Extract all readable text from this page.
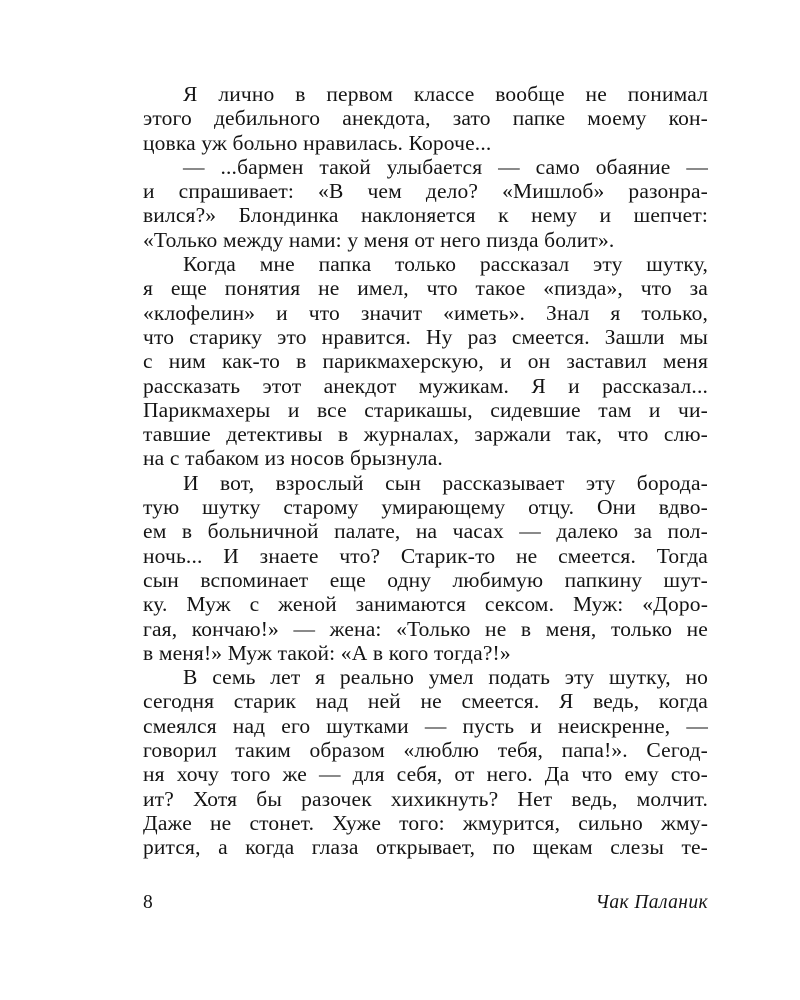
Я лично в первом классе вообще не понимал
этого дебильного анекдота, зато папке моему кон-
цовка уж больно нравилась. Короче...
— ...бармен такой улыбается — само обаяние —
и спрашивает: «В чем дело? «Мишлоб» разонра-
вился?» Блондинка наклоняется к нему и шепчет:
«Только между нами: у меня от него пизда болит».
Когда мне папка только рассказал эту шутку,
я еще понятия не имел, что такое «пизда», что за
«клофелин» и что значит «иметь». Знал я только,
что старику это нравится. Ну раз смеется. Зашли мы
с ним как-то в парикмахерскую, и он заставил меня
рассказать этот анекдот мужикам. Я и рассказал...
Парикмахеры и все старикашы, сидевшие там и чи-
тавшие детективы в журналах, заржали так, что слю-
на с табаком из носов брызнула.
И вот, взрослый сын рассказывает эту борода-
тую шутку старому умирающему отцу. Они вдво-
ем в больничной палате, на часах — далеко за пол-
ночь... И знаете что? Старик-то не смеется. Тогда
сын вспоминает еще одну любимую папкину шут-
ку. Муж с женой занимаются сексом. Муж: «Доро-
гая, кончаю!» — жена: «Только не в меня, только не
в меня!» Муж такой: «А в кого тогда?!»
В семь лет я реально умел подать эту шутку, но
сегодня старик над ней не смеется. Я ведь, когда
смеялся над его шутками — пусть и неискренне, —
говорил таким образом «люблю тебя, папа!». Сегод-
ня хочу того же — для себя, от него. Да что ему сто-
ит? Хотя бы разочек хихикнуть? Нет ведь, молчит.
Даже не стонет. Хуже того: жмурится, сильно жму-
рится, а когда глаза открывает, по щекам слезы те-
8	Чак Паланик
